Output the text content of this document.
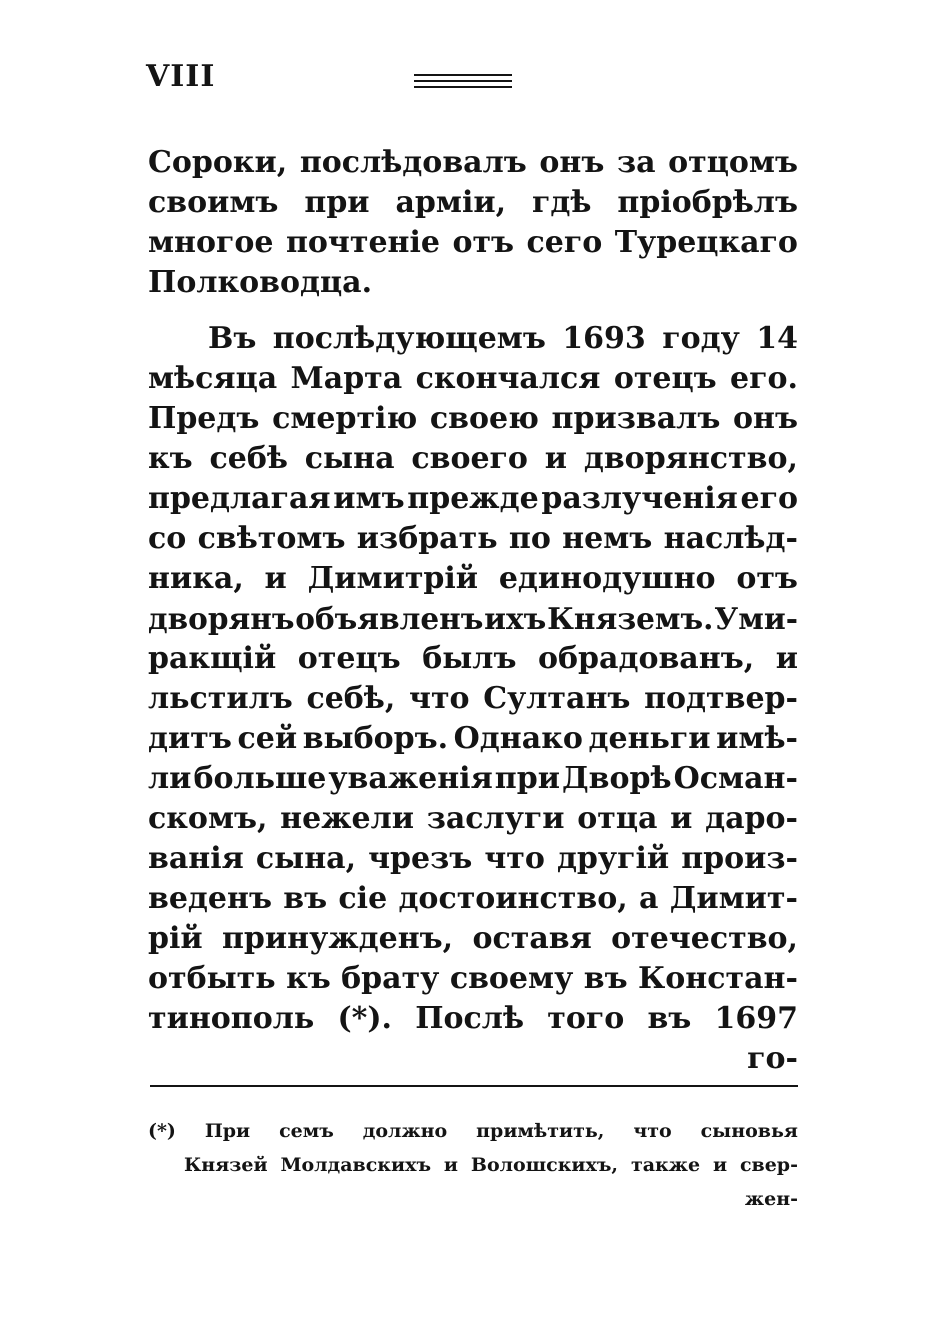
VIII
Сороки, послѣдовалъ онъ за отцомъ
своимъ при арміи, гдѣ пріобрѣлъ
многое почтеніе отъ сего Турецкаго
Полководца.
Въ послѣдующемъ 1693 году 14
мѣсяца Марта скончался отецъ его.
Предъ смертію своею призвалъ онъ
къ себѣ сына своего и дворянство,
предлагая имъ прежде разлученія его
со свѣтомъ избрать по немъ наслѣд-
ника, и Димитрій единодушно отъ
дворянъ объявленъ ихъ Княземъ. Уми-
ракщій отецъ былъ обрадованъ, и
льстилъ себѣ, что Султанъ подтвер-
дитъ сей выборъ. Однако деньги имѣ-
ли больше уваженія при Дворѣ Осман-
скомъ, нежели заслуги отца и даро-
ванія сына, чрезъ что другій произ-
веденъ въ сіе достоинство, а Димит-
рій принужденъ, оставя отечество,
отбыть къ брату своему въ Констан-
тинополь (*). Послѣ того въ 1697
го-
(*) При семъ должно примѣтить, что сыновья
Князей Молдавскихъ и Волошскихъ, также и свер-
жен-
